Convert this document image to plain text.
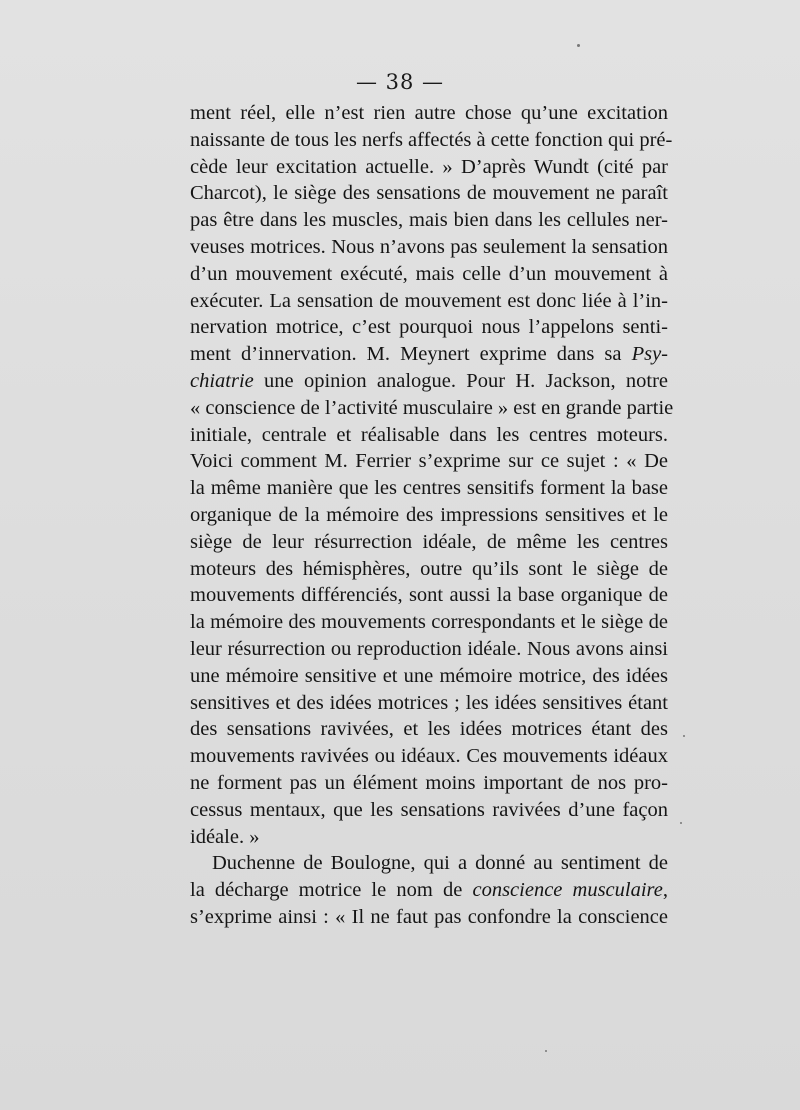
— 38 —
ment réel, elle n’est rien autre chose qu’une excitation
naissante de tous les nerfs affectés à cette fonction qui pré-
cède leur excitation actuelle. » D’après Wundt (cité par
Charcot), le siège des sensations de mouvement ne paraît
pas être dans les muscles, mais bien dans les cellules ner-
veuses motrices. Nous n’avons pas seulement la sensation
d’un mouvement exécuté, mais celle d’un mouvement à
exécuter. La sensation de mouvement est donc liée à l’in-
nervation motrice, c’est pourquoi nous l’appelons senti-
ment d’innervation. M. Meynert exprime dans sa Psy-
chiatrie une opinion analogue. Pour H. Jackson, notre
« conscience de l’activité musculaire » est en grande partie
initiale, centrale et réalisable dans les centres moteurs.
Voici comment M. Ferrier s’exprime sur ce sujet : « De
la même manière que les centres sensitifs forment la base
organique de la mémoire des impressions sensitives et le
siège de leur résurrection idéale, de même les centres
moteurs des hémisphères, outre qu’ils sont le siège de
mouvements différenciés, sont aussi la base organique de
la mémoire des mouvements correspondants et le siège de
leur résurrection ou reproduction idéale. Nous avons ainsi
une mémoire sensitive et une mémoire motrice, des idées
sensitives et des idées motrices ; les idées sensitives étant
des sensations ravivées, et les idées motrices étant des
mouvements ravivées ou idéaux. Ces mouvements idéaux
ne forment pas un élément moins important de nos pro-
cessus mentaux, que les sensations ravivées d’une façon
idéale. »
Duchenne de Boulogne, qui a donné au sentiment de
la décharge motrice le nom de conscience musculaire,
s’exprime ainsi : « Il ne faut pas confondre la conscience
